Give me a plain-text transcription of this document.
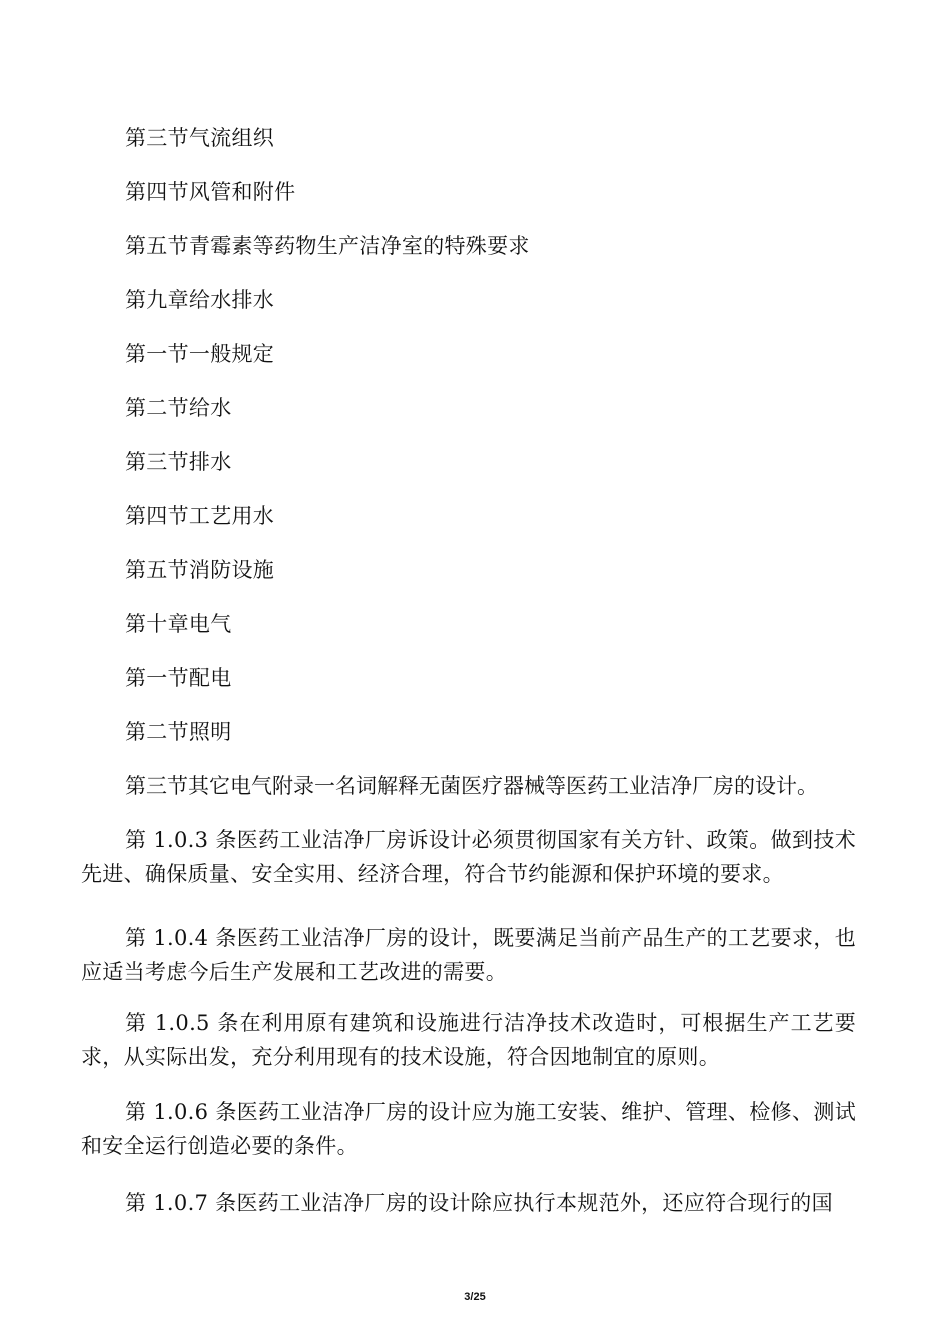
第三节气流组织
第四节风管和附件
第五节青霉素等药物生产洁净室的特殊要求
第九章给水排水
第一节一般规定
第二节给水
第三节排水
第四节工艺用水
第五节消防设施
第十章电气
第一节配电
第二节照明
第三节其它电气附录一名词解释无菌医疗器械等医药工业洁净厂房的设计。

第 1.0.3 条医药工业洁净厂房诉设计必须贯彻国家有关方针、政策。做到技术先进、确保质量、安全实用、经济合理，符合节约能源和保护环境的要求。

第 1.0.4 条医药工业洁净厂房的设计，既要满足当前产品生产的工艺要求，也应适当考虑今后生产发展和工艺改进的需要。

第 1.0.5 条在利用原有建筑和设施进行洁净技术改造时，可根据生产工艺要求，从实际出发，充分利用现有的技术设施，符合因地制宜的原则。

第 1.0.6 条医药工业洁净厂房的设计应为施工安装、维护、管理、检修、测试和安全运行创造必要的条件。

第 1.0.7 条医药工业洁净厂房的设计除应执行本规范外，还应符合现行的国

3/25
